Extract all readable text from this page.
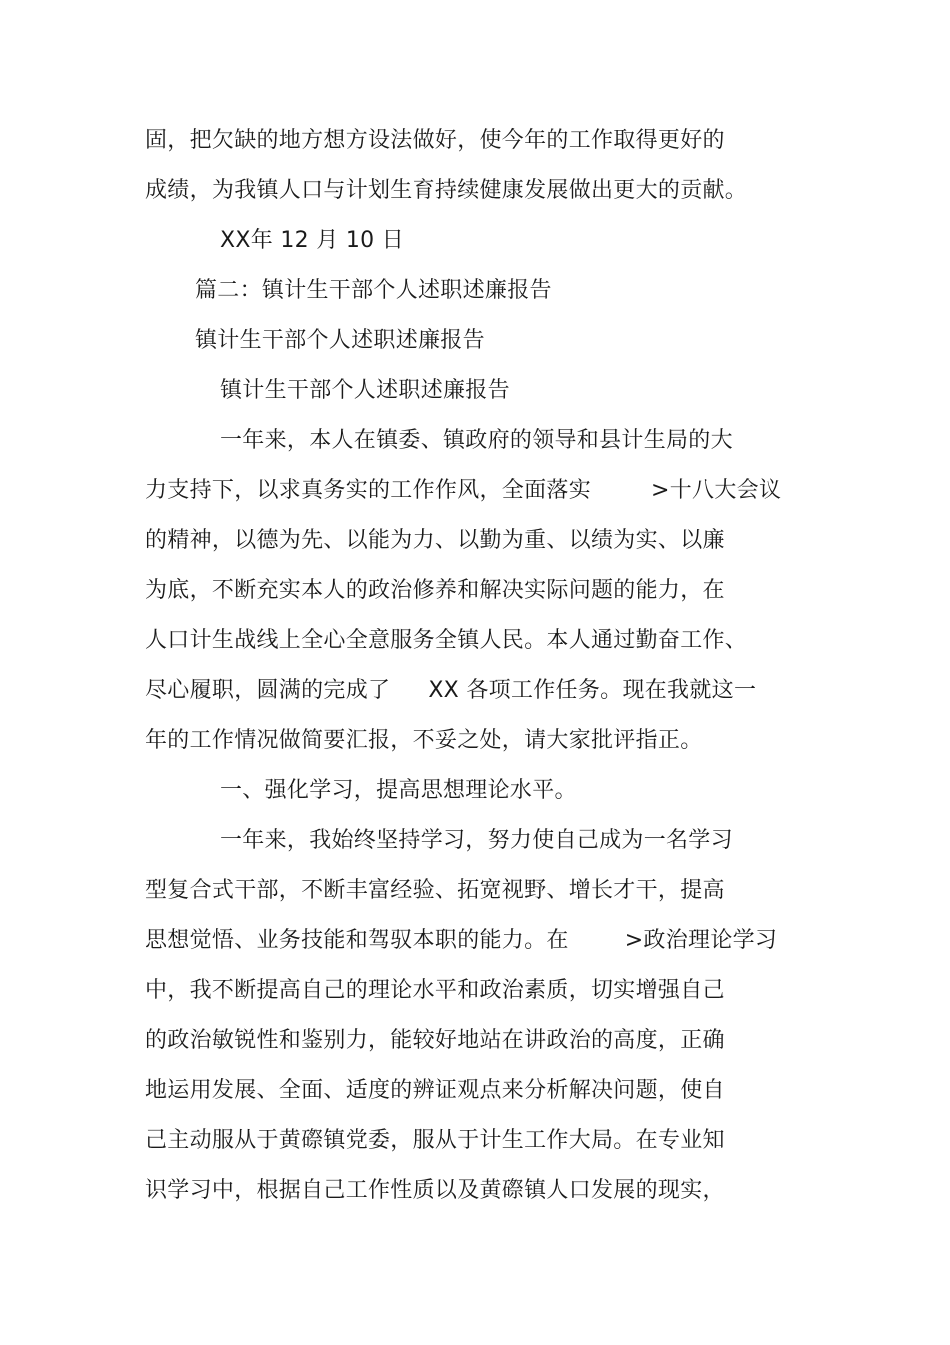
固，把欠缺的地方想方设法做好，使今年的工作取得更好的
成绩，为我镇人口与计划生育持续健康发展做出更大的贡献。
XX年 12 月 10 日
篇二：镇计生干部个人述职述廉报告
镇计生干部个人述职述廉报告
镇计生干部个人述职述廉报告
一年来，本人在镇委、镇政府的领导和县计生局的大
力支持下，以求真务实的工作作风，全面落实	>十八大会议
的精神，以德为先、以能为力、以勤为重、以绩为实、以廉
为底，不断充实本人的政治修养和解决实际问题的能力，在
人口计生战线上全心全意服务全镇人民。本人通过勤奋工作、
尽心履职，圆满的完成了 XX 各项工作任务。现在我就这一
年的工作情况做简要汇报，不妥之处，请大家批评指正。
一、强化学习，提高思想理论水平。
一年来，我始终坚持学习，努力使自己成为一名学习
型复合式干部，不断丰富经验、拓宽视野、增长才干，提高
思想觉悟、业务技能和驾驭本职的能力。在	>政治理论学习
中，我不断提高自己的理论水平和政治素质，切实增强自己
的政治敏锐性和鉴别力，能较好地站在讲政治的高度，正确
地运用发展、全面、适度的辨证观点来分析解决问题，使自
己主动服从于黄磜镇党委，服从于计生工作大局。在专业知
识学习中，根据自己工作性质以及黄磜镇人口发展的现实，
